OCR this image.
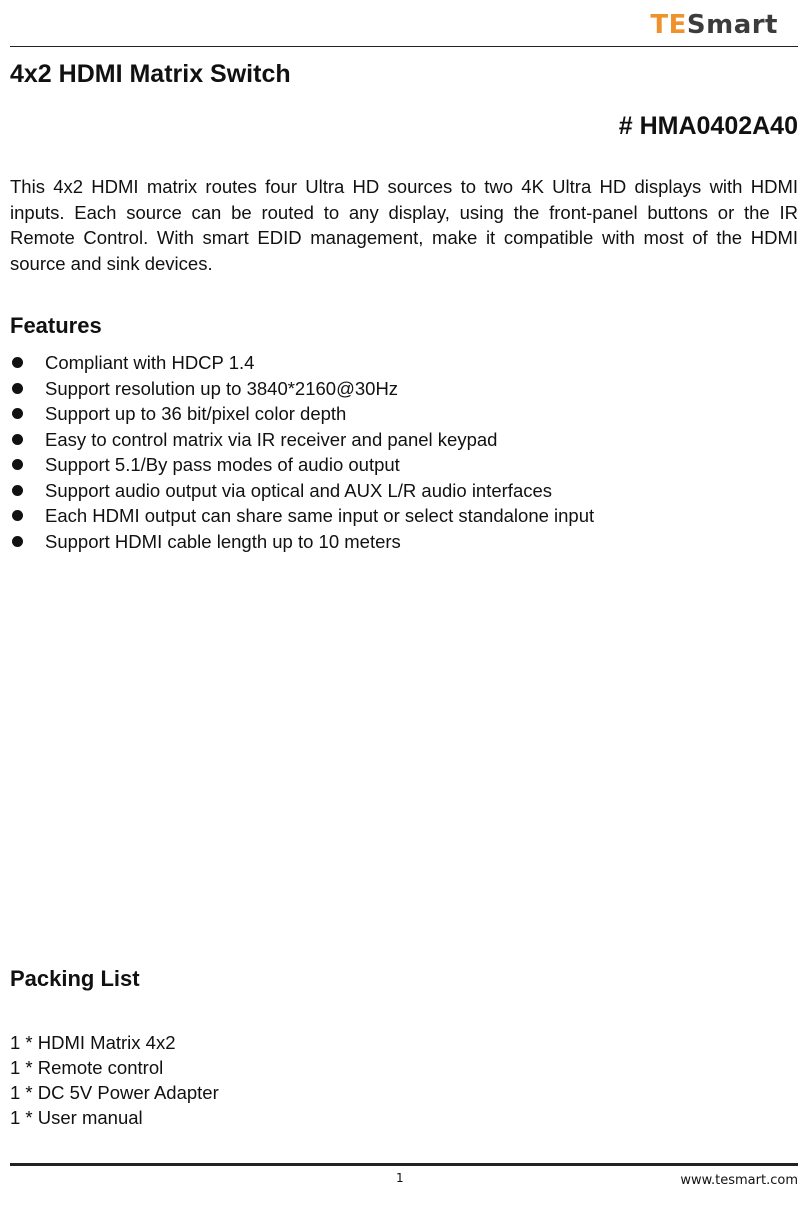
TESmart
4x2 HDMI Matrix Switch
# HMA0402A40

This 4x2 HDMI matrix routes four Ultra HD sources to two 4K Ultra HD displays with HDMI inputs. Each source can be routed to any display, using the front-panel buttons or the IR Remote Control. With smart EDID management, make it compatible with most of the HDMI source and sink devices.

Features
Compliant with HDCP 1.4
Support resolution up to 3840*2160@30Hz
Support up to 36 bit/pixel color depth
Easy to control matrix via IR receiver and panel keypad
Support 5.1/By pass modes of audio output
Support audio output via optical and AUX L/R audio interfaces
Each HDMI output can share same input or select standalone input
Support HDMI cable length up to 10 meters
Packing List
1 * HDMI Matrix 4x2
1 * Remote control
1 * DC 5V Power Adapter
1 * User manual
1	www.tesmart.com
